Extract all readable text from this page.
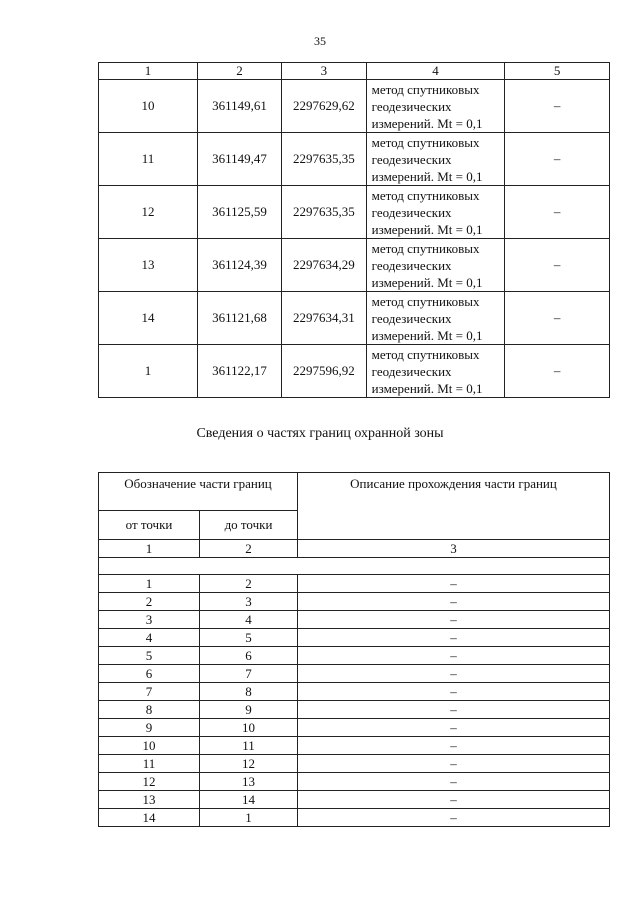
35
1	2	3	4	5
10	361149,61	2297629,62	метод спутниковых
геодезических
измерений. Mt = 0,1	–
11	361149,47	2297635,35	метод спутниковых
геодезических
измерений. Mt = 0,1	–
12	361125,59	2297635,35	метод спутниковых
геодезических
измерений. Mt = 0,1	–
13	361124,39	2297634,29	метод спутниковых
геодезических
измерений. Mt = 0,1	–
14	361121,68	2297634,31	метод спутниковых
геодезических
измерений. Mt = 0,1	–
1	361122,17	2297596,92	метод спутниковых
геодезических
измерений. Mt = 0,1	–
Сведения о частях границ охранной зоны
Обозначение части границ		Описание прохождения части границ
от точки	до точки	
1	2	3

1	2	–
2	3	–
3	4	–
4	5	–
5	6	–
6	7	–
7	8	–
8	9	–
9	10	–
10	11	–
11	12	–
12	13	–
13	14	–
14	1	–
